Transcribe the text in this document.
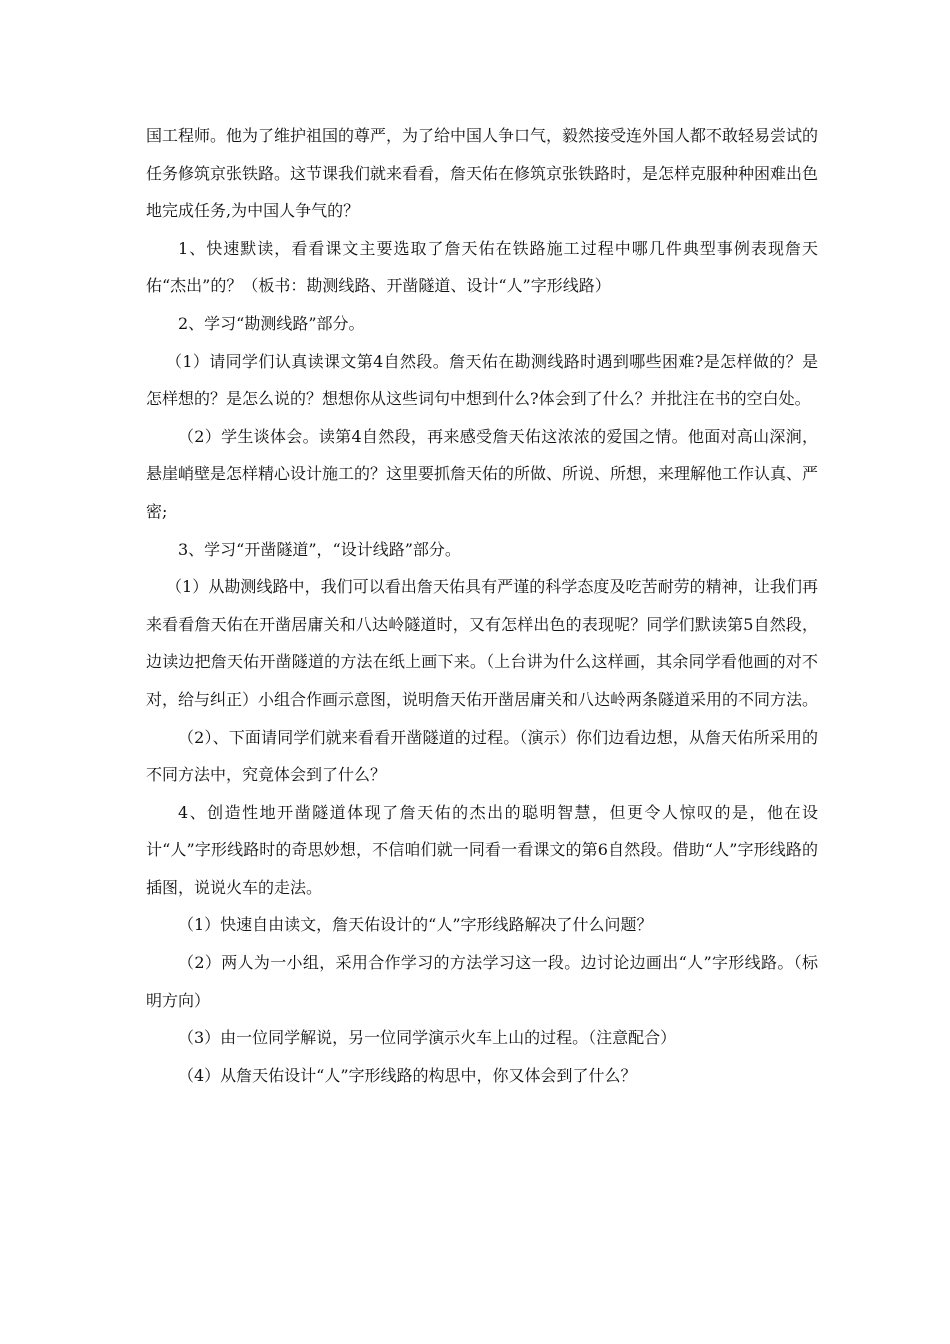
国工程师。他为了维护祖国的尊严，为了给中国人争口气，毅然接受连外国人都不敢轻易尝试的任务修筑京张铁路。这节课我们就来看看，詹天佑在修筑京张铁路时，是怎样克服种种困难出色地完成任务,为中国人争气的？

1、快速默读，看看课文主要选取了詹天佑在铁路施工过程中哪几件典型事例表现詹天佑“杰出”的？（板书：勘测线路、开凿隧道、设计“人”字形线路）

2、学习“勘测线路”部分。

（1）请同学们认真读课文第4自然段。詹天佑在勘测线路时遇到哪些困难?是怎样做的？是怎样想的？是怎么说的？想想你从这些词句中想到什么?体会到了什么？并批注在书的空白处。

（2）学生谈体会。读第4自然段，再来感受詹天佑这浓浓的爱国之情。他面对高山深涧，悬崖峭壁是怎样精心设计施工的？这里要抓詹天佑的所做、所说、所想，来理解他工作认真、严密;

3、学习“开凿隧道”，“设计线路”部分。

（1）从勘测线路中，我们可以看出詹天佑具有严谨的科学态度及吃苦耐劳的精神，让我们再来看看詹天佑在开凿居庸关和八达岭隧道时，又有怎样出色的表现呢？同学们默读第5自然段，边读边把詹天佑开凿隧道的方法在纸上画下来。（上台讲为什么这样画，其余同学看他画的对不对，给与纠正）小组合作画示意图，说明詹天佑开凿居庸关和八达岭两条隧道采用的不同方法。

（2）、下面请同学们就来看看开凿隧道的过程。（演示）你们边看边想，从詹天佑所采用的不同方法中，究竟体会到了什么？

4、创造性地开凿隧道体现了詹天佑的杰出的聪明智慧，但更令人惊叹的是，他在设计“人”字形线路时的奇思妙想，不信咱们就一同看一看课文的第6自然段。借助“人”字形线路的插图，说说火车的走法。

（1）快速自由读文，詹天佑设计的“人”字形线路解决了什么问题？

（2）两人为一小组，采用合作学习的方法学习这一段。边讨论边画出“人”字形线路。（标明方向）

（3）由一位同学解说，另一位同学演示火车上山的过程。（注意配合）

（4）从詹天佑设计“人”字形线路的构思中，你又体会到了什么？
